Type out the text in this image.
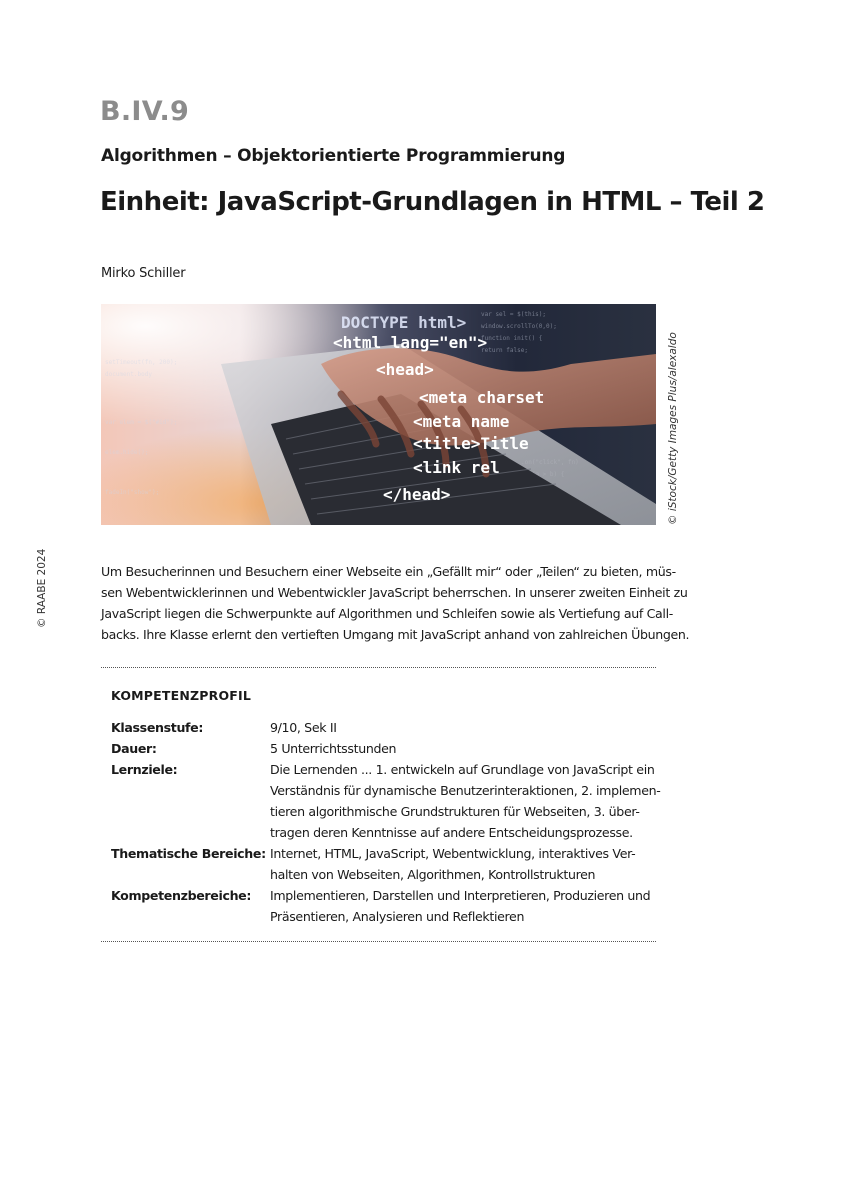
B.IV.9
Algorithmen – Objektorientierte Programmierung
Einheit: JavaScript-Grundlagen in HTML – Teil 2
Mirko Schiller
var sel = $(this);
window.scrollTo(0,0);
function init() {
return false;
setTimeout(fn, 200);
document.body
var elem = $("#id");
elem.hide();
fadeIn("show");
DOCTYPE html>
<html lang="en">
<head>
<meta charset
<meta name
<title>Title
<link rel
</head>	© iStock/Getty Images Plus/alexaldo
© RAABE 2024	Um Besucherinnen und Besuchern einer Webseite ein „Gefällt mir“ oder „Teilen“ zu bieten, müs-
sen Webentwicklerinnen und Webentwickler JavaScript beherrschen. In unserer zweiten Einheit zu
JavaScript liegen die Schwerpunkte auf Algorithmen und Schleifen sowie als Vertiefung auf Call-
backs. Ihre Klasse erlernt den vertieften Umgang mit JavaScript anhand von zahlreichen Übungen.
KOMPETENZPROFIL
Klassenstufe:	9/10, Sek II
Dauer:	5 Unterrichtsstunden
Lernziele:	Die Lernenden ... 1. entwickeln auf Grundlage von JavaScript ein
Verständnis für dynamische Benutzerinteraktionen, 2. implemen-
tieren algorithmische Grundstrukturen für Webseiten, 3. über-
tragen deren Kenntnisse auf andere Entscheidungsprozesse.
Thematische Bereiche: Internet, HTML, JavaScript, Webentwicklung, interaktives Ver-
halten von Webseiten, Algorithmen, Kontrollstrukturen
Kompetenzbereiche: Implementieren, Darstellen und Interpretieren, Produzieren und
Präsentieren, Analysieren und Reflektieren
